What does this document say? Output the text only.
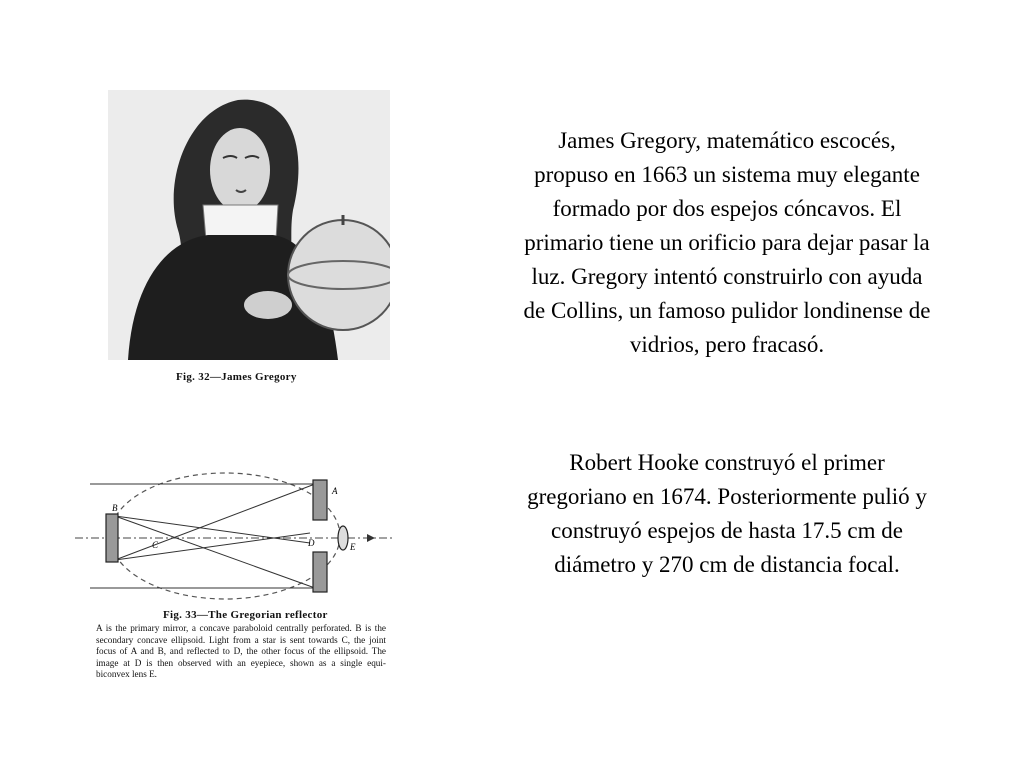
Fig. 32—James Gregory
B
A
C	D	E
Fig. 33—The Gregorian reflector
A is the primary mirror, a concave paraboloid centrally perforated. B is the secondary concave ellipsoid. Light from a star is sent towards C, the joint focus of A and B, and reflected to D, the other focus of the ellipsoid. The image at D is then observed with an eyepiece, shown as a single equi-biconvex lens E.
James Gregory, matemático escocés, propuso en 1663 un sistema muy elegante formado por dos espejos cóncavos. El primario tiene un orificio para dejar pasar la luz. Gregory intentó construirlo con ayuda de Collins, un famoso pulidor londinense de vidrios, pero fracasó.
Robert Hooke construyó el primer gregoriano en 1674. Posteriormente pulió y construyó espejos de hasta 17.5 cm de diámetro y 270 cm de distancia focal.
